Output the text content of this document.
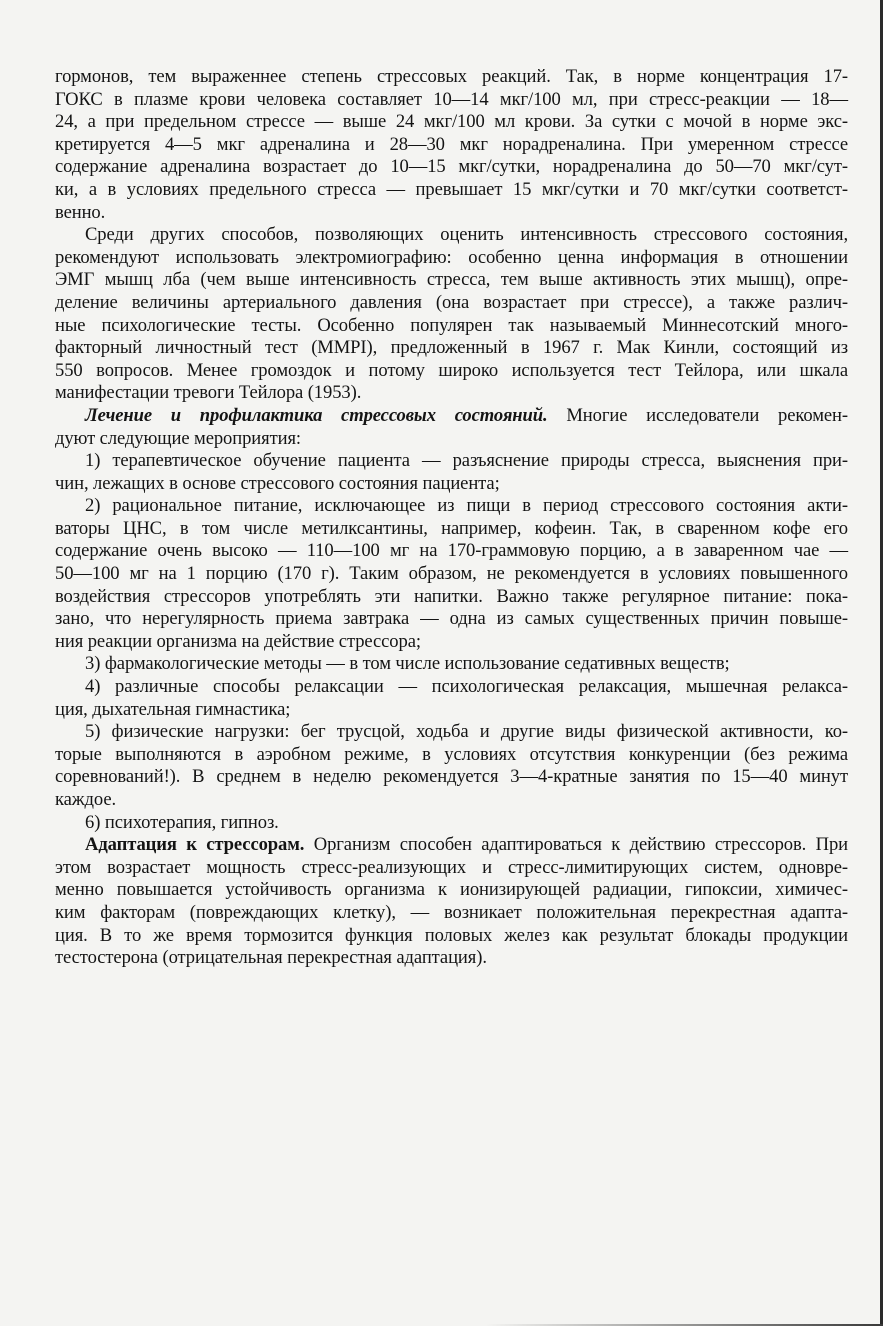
гормонов, тем выраженнее степень стрессовых реакций. Так, в норме концентрация 17-
ГОКС в плазме крови человека составляет 10—14 мкг/100 мл, при стресс-реакции — 18—
24, а при предельном стрессе — выше 24 мкг/100 мл крови. За сутки с мочой в норме экс-
кретируется 4—5 мкг адреналина и 28—30 мкг норадреналина. При умеренном стрессе
содержание адреналина возрастает до 10—15 мкг/сутки, норадреналина до 50—70 мкг/сут-
ки, а в условиях предельного стресса — превышает 15 мкг/сутки и 70 мкг/сутки соответст-
венно.
Среди других способов, позволяющих оценить интенсивность стрессового состояния,
рекомендуют использовать электромиографию: особенно ценна информация в отношении
ЭМГ мышц лба (чем выше интенсивность стресса, тем выше активность этих мышц), опре-
деление величины артериального давления (она возрастает при стрессе), а также различ-
ные психологические тесты. Особенно популярен так называемый Миннесотский много-
факторный личностный тест (MMPI), предложенный в 1967 г. Мак Кинли, состоящий из
550 вопросов. Менее громоздок и потому широко используется тест Тейлора, или шкала
манифестации тревоги Тейлора (1953).
Лечение и профилактика стрессовых состояний. Многие исследователи рекомен-
дуют следующие мероприятия:
1) терапевтическое обучение пациента — разъяснение природы стресса, выяснения при-
чин, лежащих в основе стрессового состояния пациента;
2) рациональное питание, исключающее из пищи в период стрессового состояния акти-
ваторы ЦНС, в том числе метилксантины, например, кофеин. Так, в сваренном кофе его
содержание очень высоко — 110—100 мг на 170-граммовую порцию, а в заваренном чае —
50—100 мг на 1 порцию (170 г). Таким образом, не рекомендуется в условиях повышенного
воздействия стрессоров употреблять эти напитки. Важно также регулярное питание: пока-
зано, что нерегулярность приема завтрака — одна из самых существенных причин повыше-
ния реакции организма на действие стрессора;
3) фармакологические методы — в том числе использование седативных веществ;
4) различные способы релаксации — психологическая релаксация, мышечная релакса-
ция, дыхательная гимнастика;
5) физические нагрузки: бег трусцой, ходьба и другие виды физической активности, ко-
торые выполняются в аэробном режиме, в условиях отсутствия конкуренции (без режима
соревнований!). В среднем в неделю рекомендуется 3—4-кратные занятия по 15—40 минут
каждое.
6) психотерапия, гипноз.
Адаптация к стрессорам. Организм способен адаптироваться к действию стрессоров. При
этом возрастает мощность стресс-реализующих и стресс-лимитирующих систем, одновре-
менно повышается устойчивость организма к ионизирующей радиации, гипоксии, химичес-
ким факторам (повреждающих клетку), — возникает положительная перекрестная адапта-
ция. В то же время тормозится функция половых желез как результат блокады продукции
тестостерона (отрицательная перекрестная адаптация).
